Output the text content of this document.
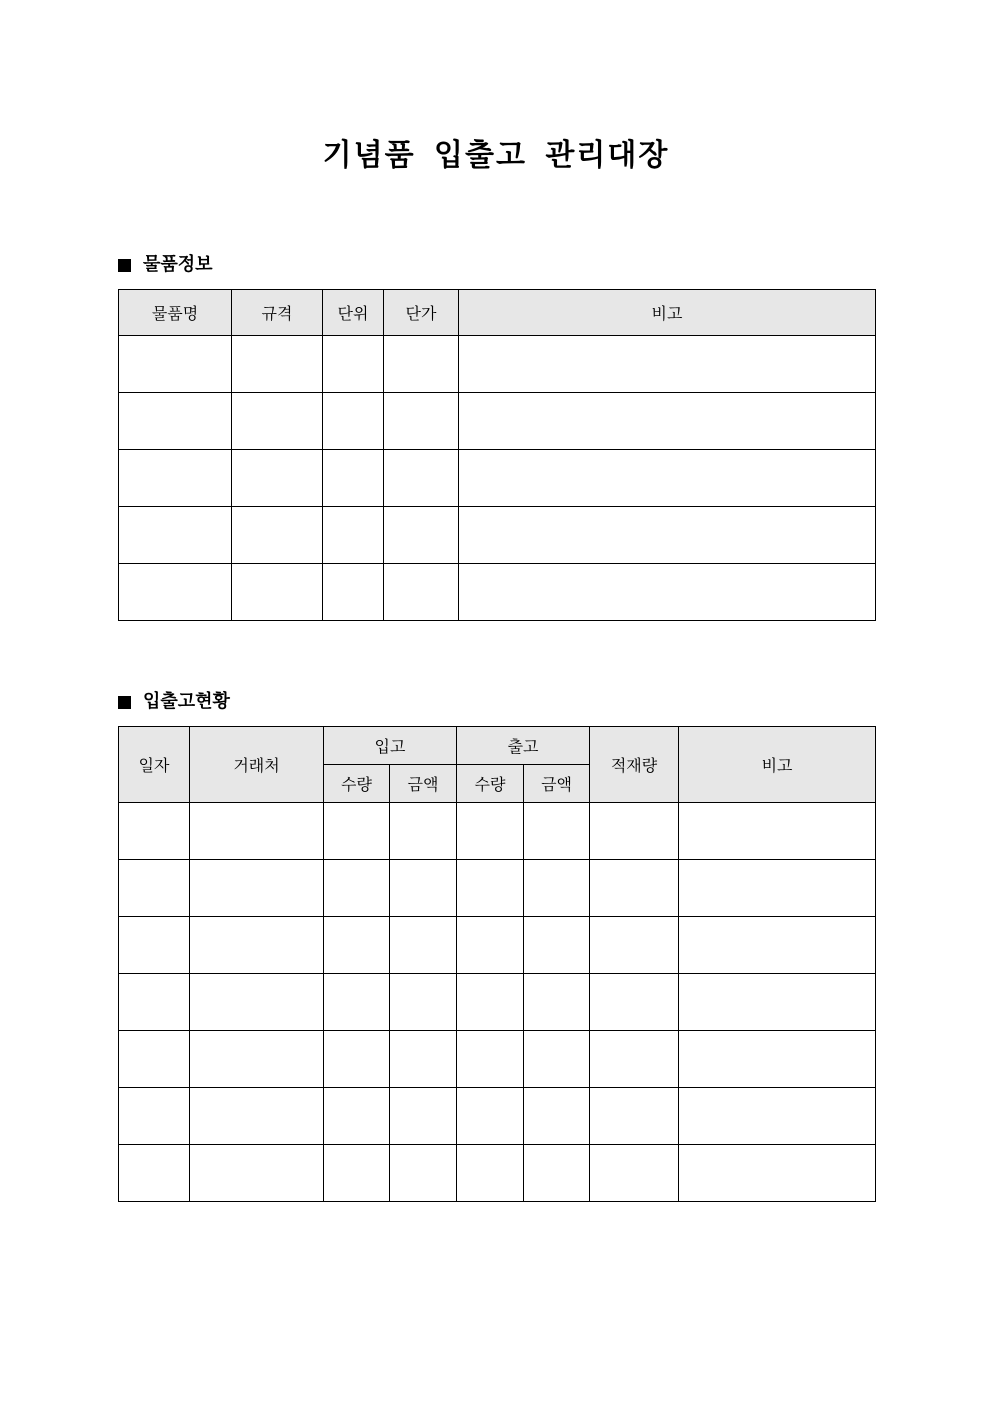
기념품 입출고 관리대장
물품정보
물품명	규격	단위	단가	비고

입출고현황
일자	거래처	입고		출고		적재량	비고
		수량	금액	수량	금액		
